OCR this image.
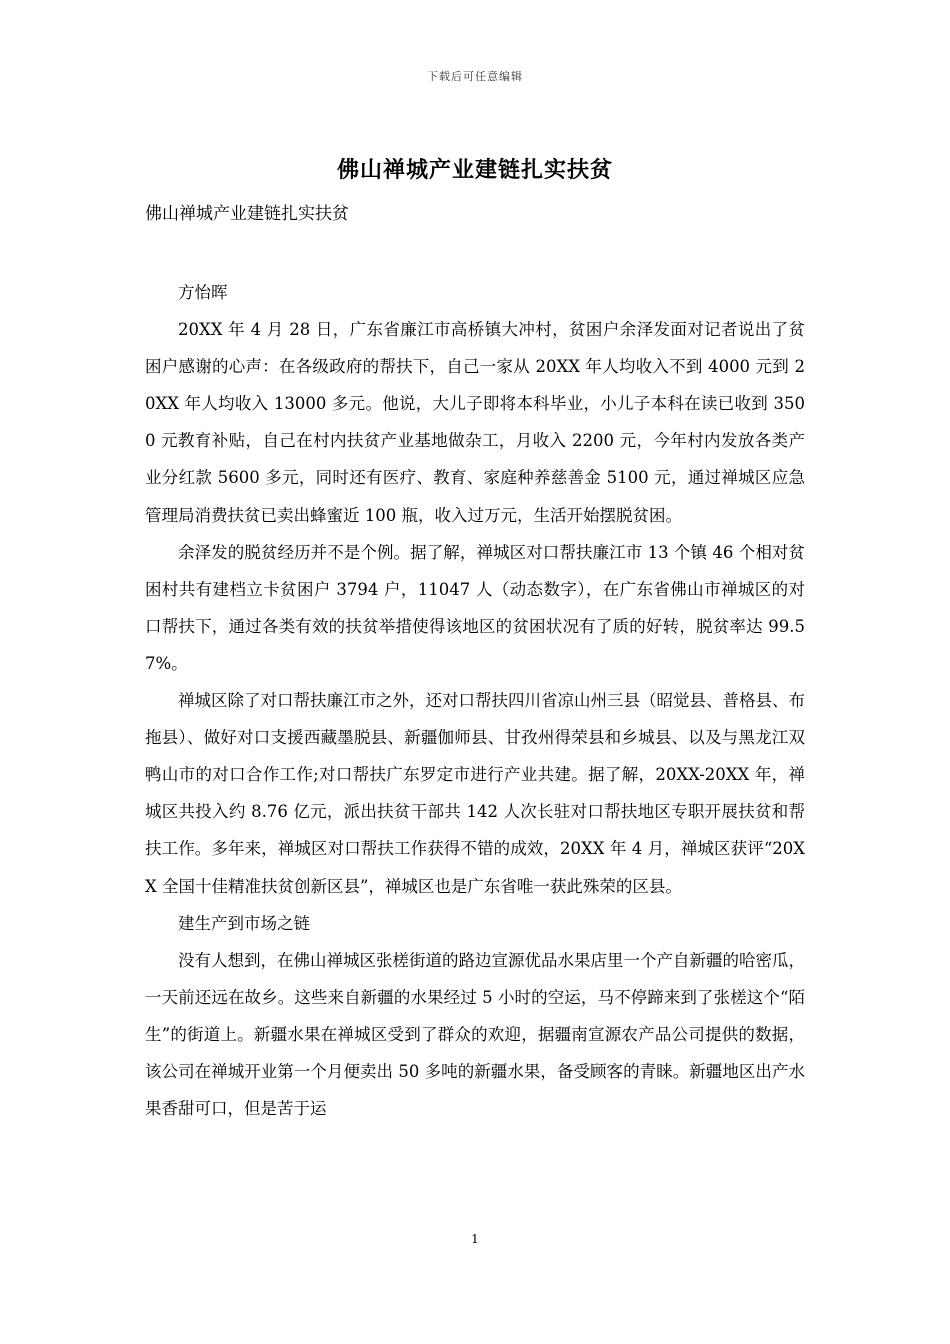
下载后可任意编辑
佛山禅城产业建链扎实扶贫
佛山禅城产业建链扎实扶贫

方怡晖

20XX 年 4 月 28 日，广东省廉江市高桥镇大冲村，贫困户余泽发面对记者说出了贫困户感谢的心声：在各级政府的帮扶下，自己一家从 20XX 年人均收入不到 4000 元到 20XX 年人均收入 13000 多元。他说，大儿子即将本科毕业，小儿子本科在读已收到 3500 元教育补贴，自己在村内扶贫产业基地做杂工，月收入 2200 元，今年村内发放各类产业分红款 5600 多元，同时还有医疗、教育、家庭种养慈善金 5100 元，通过禅城区应急管理局消费扶贫已卖出蜂蜜近 100 瓶，收入过万元，生活开始摆脱贫困。

余泽发的脱贫经历并不是个例。据了解，禅城区对口帮扶廉江市 13 个镇 46 个相对贫困村共有建档立卡贫困户 3794 户，11047 人（动态数字），在广东省佛山市禅城区的对口帮扶下，通过各类有效的扶贫举措使得该地区的贫困状况有了质的好转，脱贫率达 99.57%。

禅城区除了对口帮扶廉江市之外，还对口帮扶四川省凉山州三县（昭觉县、普格县、布拖县）、做好对口支援西藏墨脱县、新疆伽师县、甘孜州得荣县和乡城县、以及与黑龙江双鸭山市的对口合作工作;对口帮扶广东罗定市进行产业共建。据了解，20XX-20XX 年，禅城区共投入约 8.76 亿元，派出扶贫干部共 142 人次长驻对口帮扶地区专职开展扶贫和帮扶工作。多年来，禅城区对口帮扶工作获得不错的成效，20XX 年 4 月，禅城区获评“20XX 全国十佳精准扶贫创新区县”，禅城区也是广东省唯一获此殊荣的区县。

建生产到市场之链

没有人想到，在佛山禅城区张槎街道的路边宣源优品水果店里一个产自新疆的哈密瓜，一天前还远在故乡。这些来自新疆的水果经过 5 小时的空运，马不停蹄来到了张槎这个“陌生”的街道上。新疆水果在禅城区受到了群众的欢迎，据疆南宣源农产品公司提供的数据，该公司在禅城开业第一个月便卖出 50 多吨的新疆水果，备受顾客的青睐。新疆地区出产水果香甜可口，但是苦于运

1
